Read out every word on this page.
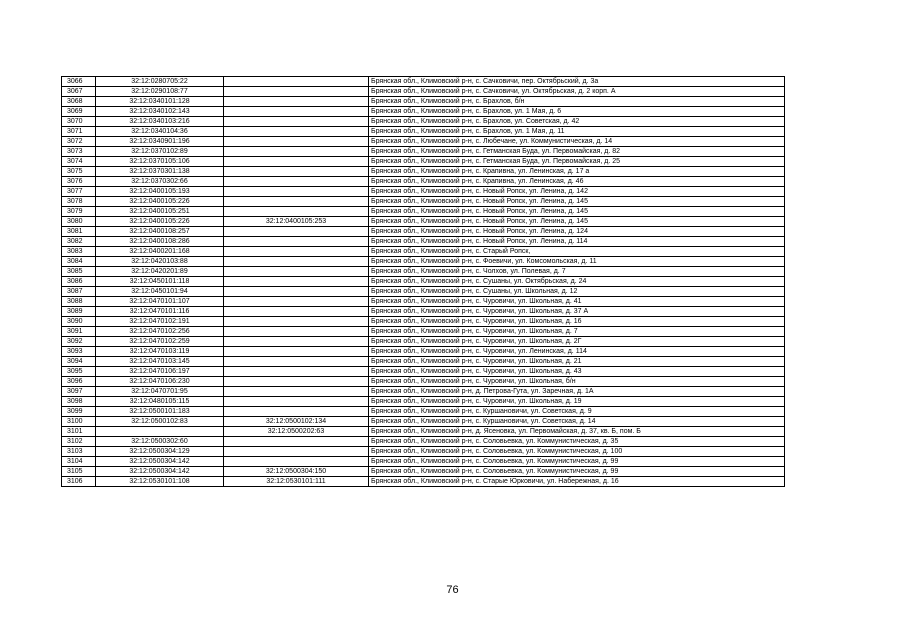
3066	32:12:0280705:22		Брянская обл., Климовский р-н, с. Сачковичи, пер. Октябрьский, д. 3а
3067	32:12:0290108:77		Брянская обл., Климовский р-н, с. Сачковичи, ул. Октябрьская, д. 2 корп. А
3068	32:12:0340101:128		Брянская обл., Климовский р-н, с. Брахлов, б/н
3069	32:12:0340102:143		Брянская обл., Климовский р-н, с. Брахлов, ул. 1 Мая, д. 6
3070	32:12:0340103:216		Брянская обл., Климовский р-н, с. Брахлов, ул. Советская, д. 42
3071	32:12:0340104:36		Брянская обл., Климовский р-н, с. Брахлов, ул. 1 Мая, д. 11
3072	32:12:0340901:196		Брянская обл., Климовский р-н, с. Любечане, ул. Коммунистическая, д. 14
3073	32:12:0370102:89		Брянская обл., Климовский р-н, с. Гетманская Буда, ул. Первомайская, д. 82
3074	32:12:0370105:106		Брянская обл., Климовский р-н, с. Гетманская Буда, ул. Первомайская, д. 25
3075	32:12:0370301:138		Брянская обл., Климовский р-н, с. Крапивна, ул. Ленинская, д. 17 а
3076	32:12:0370302:66		Брянская обл., Климовский р-н, с. Крапивна, ул. Ленинская, д. 46
3077	32:12:0400105:193		Брянская обл., Климовский р-н, с. Новый Ропск, ул. Ленина, д. 142
3078	32:12:0400105:226		Брянская обл., Климовский р-н, с. Новый Ропск, ул. Ленина, д. 145
3079	32:12:0400105:251		Брянская обл., Климовский р-н, с. Новый Ропск, ул. Ленина, д. 145
3080	32:12:0400105:226	32:12:0400105:253	Брянская обл., Климовский р-н, с. Новый Ропск, ул. Ленина, д. 145
3081	32:12:0400108:257		Брянская обл., Климовский р-н, с. Новый Ропск, ул. Ленина, д. 124
3082	32:12:0400108:286		Брянская обл., Климовский р-н, с. Новый Ропск, ул. Ленина, д. 114
3083	32:12:0400201:168		Брянская обл., Климовский р-н, с. Старый Ропск,
3084	32:12:0420103:88		Брянская обл., Климовский р-н, с. Фоевичи, ул. Комсомольская, д. 11
3085	32:12:0420201:89		Брянская обл., Климовский р-н, с. Чолхов, ул. Полевая, д. 7
3086	32:12:0450101:118		Брянская обл., Климовский р-н, с. Сушаны, ул. Октябрьская, д. 24
3087	32:12:0450101:94		Брянская обл., Климовский р-н, с. Сушаны, ул. Школьная, д. 12
3088	32:12:0470101:107		Брянская обл., Климовский р-н, с. Чуровичи, ул. Школьная, д. 41
3089	32:12:0470101:116		Брянская обл., Климовский р-н, с. Чуровичи, ул. Школьная, д. 37 А
3090	32:12:0470102:191		Брянская обл., Климовский р-н, с. Чуровичи, ул. Школьная, д. 16
3091	32:12:0470102:256		Брянская обл., Климовский р-н, с. Чуровичи, ул. Школьная, д. 7
3092	32:12:0470102:259		Брянская обл., Климовский р-н, с. Чуровичи, ул. Школьная, д. 2Г
3093	32:12:0470103:119		Брянская обл., Климовский р-н, с. Чуровичи, ул. Ленинская, д. 114
3094	32:12:0470103:145		Брянская обл., Климовский р-н, с. Чуровичи, ул. Школьная, д. 21
3095	32:12:0470106:197		Брянская обл., Климовский р-н, с. Чуровичи, ул. Школьная, д. 43
3096	32:12:0470106:230		Брянская обл., Климовский р-н, с. Чуровичи, ул. Школьная, б/н
3097	32:12:0470701:95		Брянская обл., Климовский р-н, д. Петрова-Гута, ул. Заречная, д. 1А
3098	32:12:0480105:115		Брянская обл., Климовский р-н, с. Чуровичи, ул. Школьная, д. 19
3099	32:12:0500101:183		Брянская обл., Климовский р-н, с. Куршановичи, ул. Советская, д. 9
3100	32:12:0500102:83	32:12:0500102:134	Брянская обл., Климовский р-н, с. Куршановичи, ул. Советская, д. 14
3101		32:12:0500202:63	Брянская обл., Климовский р-н, д. Ясеновка, ул. Первомайская, д. 37, кв. Б, пом. Б
3102	32:12:0500302:60		Брянская обл., Климовский р-н, с. Соловьевка, ул. Коммунистическая, д. 35
3103	32:12:0500304:129		Брянская обл., Климовский р-н, с. Соловьевка, ул. Коммунистическая, д. 100
3104	32:12:0500304:142		Брянская обл., Климовский р-н, с. Соловьевка, ул. Коммунистическая, д. 99
3105	32:12:0500304:142	32:12:0500304:150	Брянская обл., Климовский р-н, с. Соловьевка, ул. Коммунистическая, д. 99
3106	32:12:0530101:108	32:12:0530101:111	Брянская обл., Климовский р-н, с. Старые Юрковичи, ул. Набережная, д. 16
76
